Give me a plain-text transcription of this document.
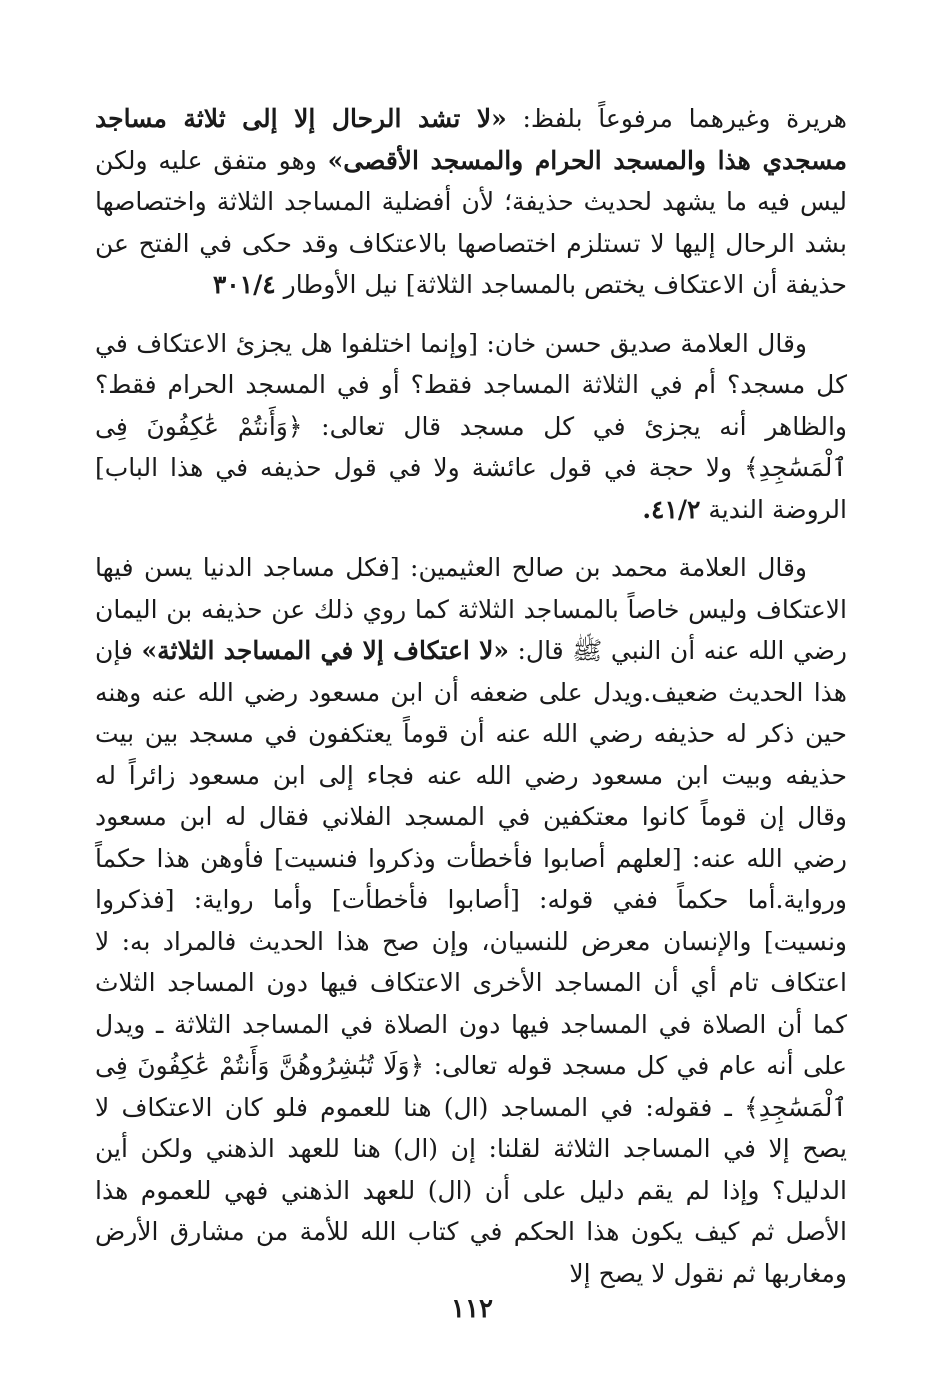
هريرة وغيرهما مرفوعاً بلفظ: «لا تشد الرحال إلا إلى ثلاثة مساجد مسجدي هذا والمسجد الحرام والمسجد الأقصى» وهو متفق عليه ولكن ليس فيه ما يشهد لحديث حذيفة؛ لأن أفضلية المساجد الثلاثة واختصاصها بشد الرحال إليها لا تستلزم اختصاصها بالاعتكاف وقد حكى في الفتح عن حذيفة أن الاعتكاف يختص بالمساجد الثلاثة] نيل الأوطار ٣٠١/٤

وقال العلامة صديق حسن خان: [وإنما اختلفوا هل يجزئ الاعتكاف في كل مسجد؟ أم في الثلاثة المساجد فقط؟ أو في المسجد الحرام فقط؟ والظاهر أنه يجزئ في كل مسجد قال تعالى: ﴿وَأَنتُمْ عَٰكِفُونَ فِى ٱلْمَسَٰجِدِ﴾ ولا حجة في قول عائشة ولا في قول حذيفه في هذا الباب] الروضة الندية ٤١/٢.

وقال العلامة محمد بن صالح العثيمين: [فكل مساجد الدنيا يسن فيها الاعتكاف وليس خاصاً بالمساجد الثلاثة كما روي ذلك عن حذيفه بن اليمان رضي الله عنه أن النبي ﷺ قال: «لا اعتكاف إلا في المساجد الثلاثة» فإن هذا الحديث ضعيف.ويدل على ضعفه أن ابن مسعود رضي الله عنه وهنه حين ذكر له حذيفه رضي الله عنه أن قوماً يعتكفون في مسجد بين بيت حذيفه وبيت ابن مسعود رضي الله عنه فجاء إلى ابن مسعود زائراً له وقال إن قوماً كانوا معتكفين في المسجد الفلاني فقال له ابن مسعود رضي الله عنه: [لعلهم أصابوا فأخطأت وذكروا فنسيت] فأوهن هذا حكماً ورواية.أما حكماً ففي قوله: [أصابوا فأخطأت] وأما رواية: [فذكروا ونسيت] والإنسان معرض للنسيان، وإن صح هذا الحديث فالمراد به: لا اعتكاف تام أي أن المساجد الأخرى الاعتكاف فيها دون المساجد الثلاث كما أن الصلاة في المساجد فيها دون الصلاة في المساجد الثلاثة ـ ويدل على أنه عام في كل مسجد قوله تعالى: ﴿وَلَا تُبَٰشِرُوهُنَّ وَأَنتُمْ عَٰكِفُونَ فِى ٱلْمَسَٰجِدِ﴾ ـ فقوله: في المساجد (ال) هنا للعموم فلو كان الاعتكاف لا يصح إلا في المساجد الثلاثة لقلنا: إن (ال) هنا للعهد الذهني ولكن أين الدليل؟ وإذا لم يقم دليل على أن (ال) للعهد الذهني فهي للعموم هذا الأصل ثم كيف يكون هذا الحكم في كتاب الله للأمة من مشارق الأرض ومغاربها ثم نقول لا يصح إلا

١١٢
